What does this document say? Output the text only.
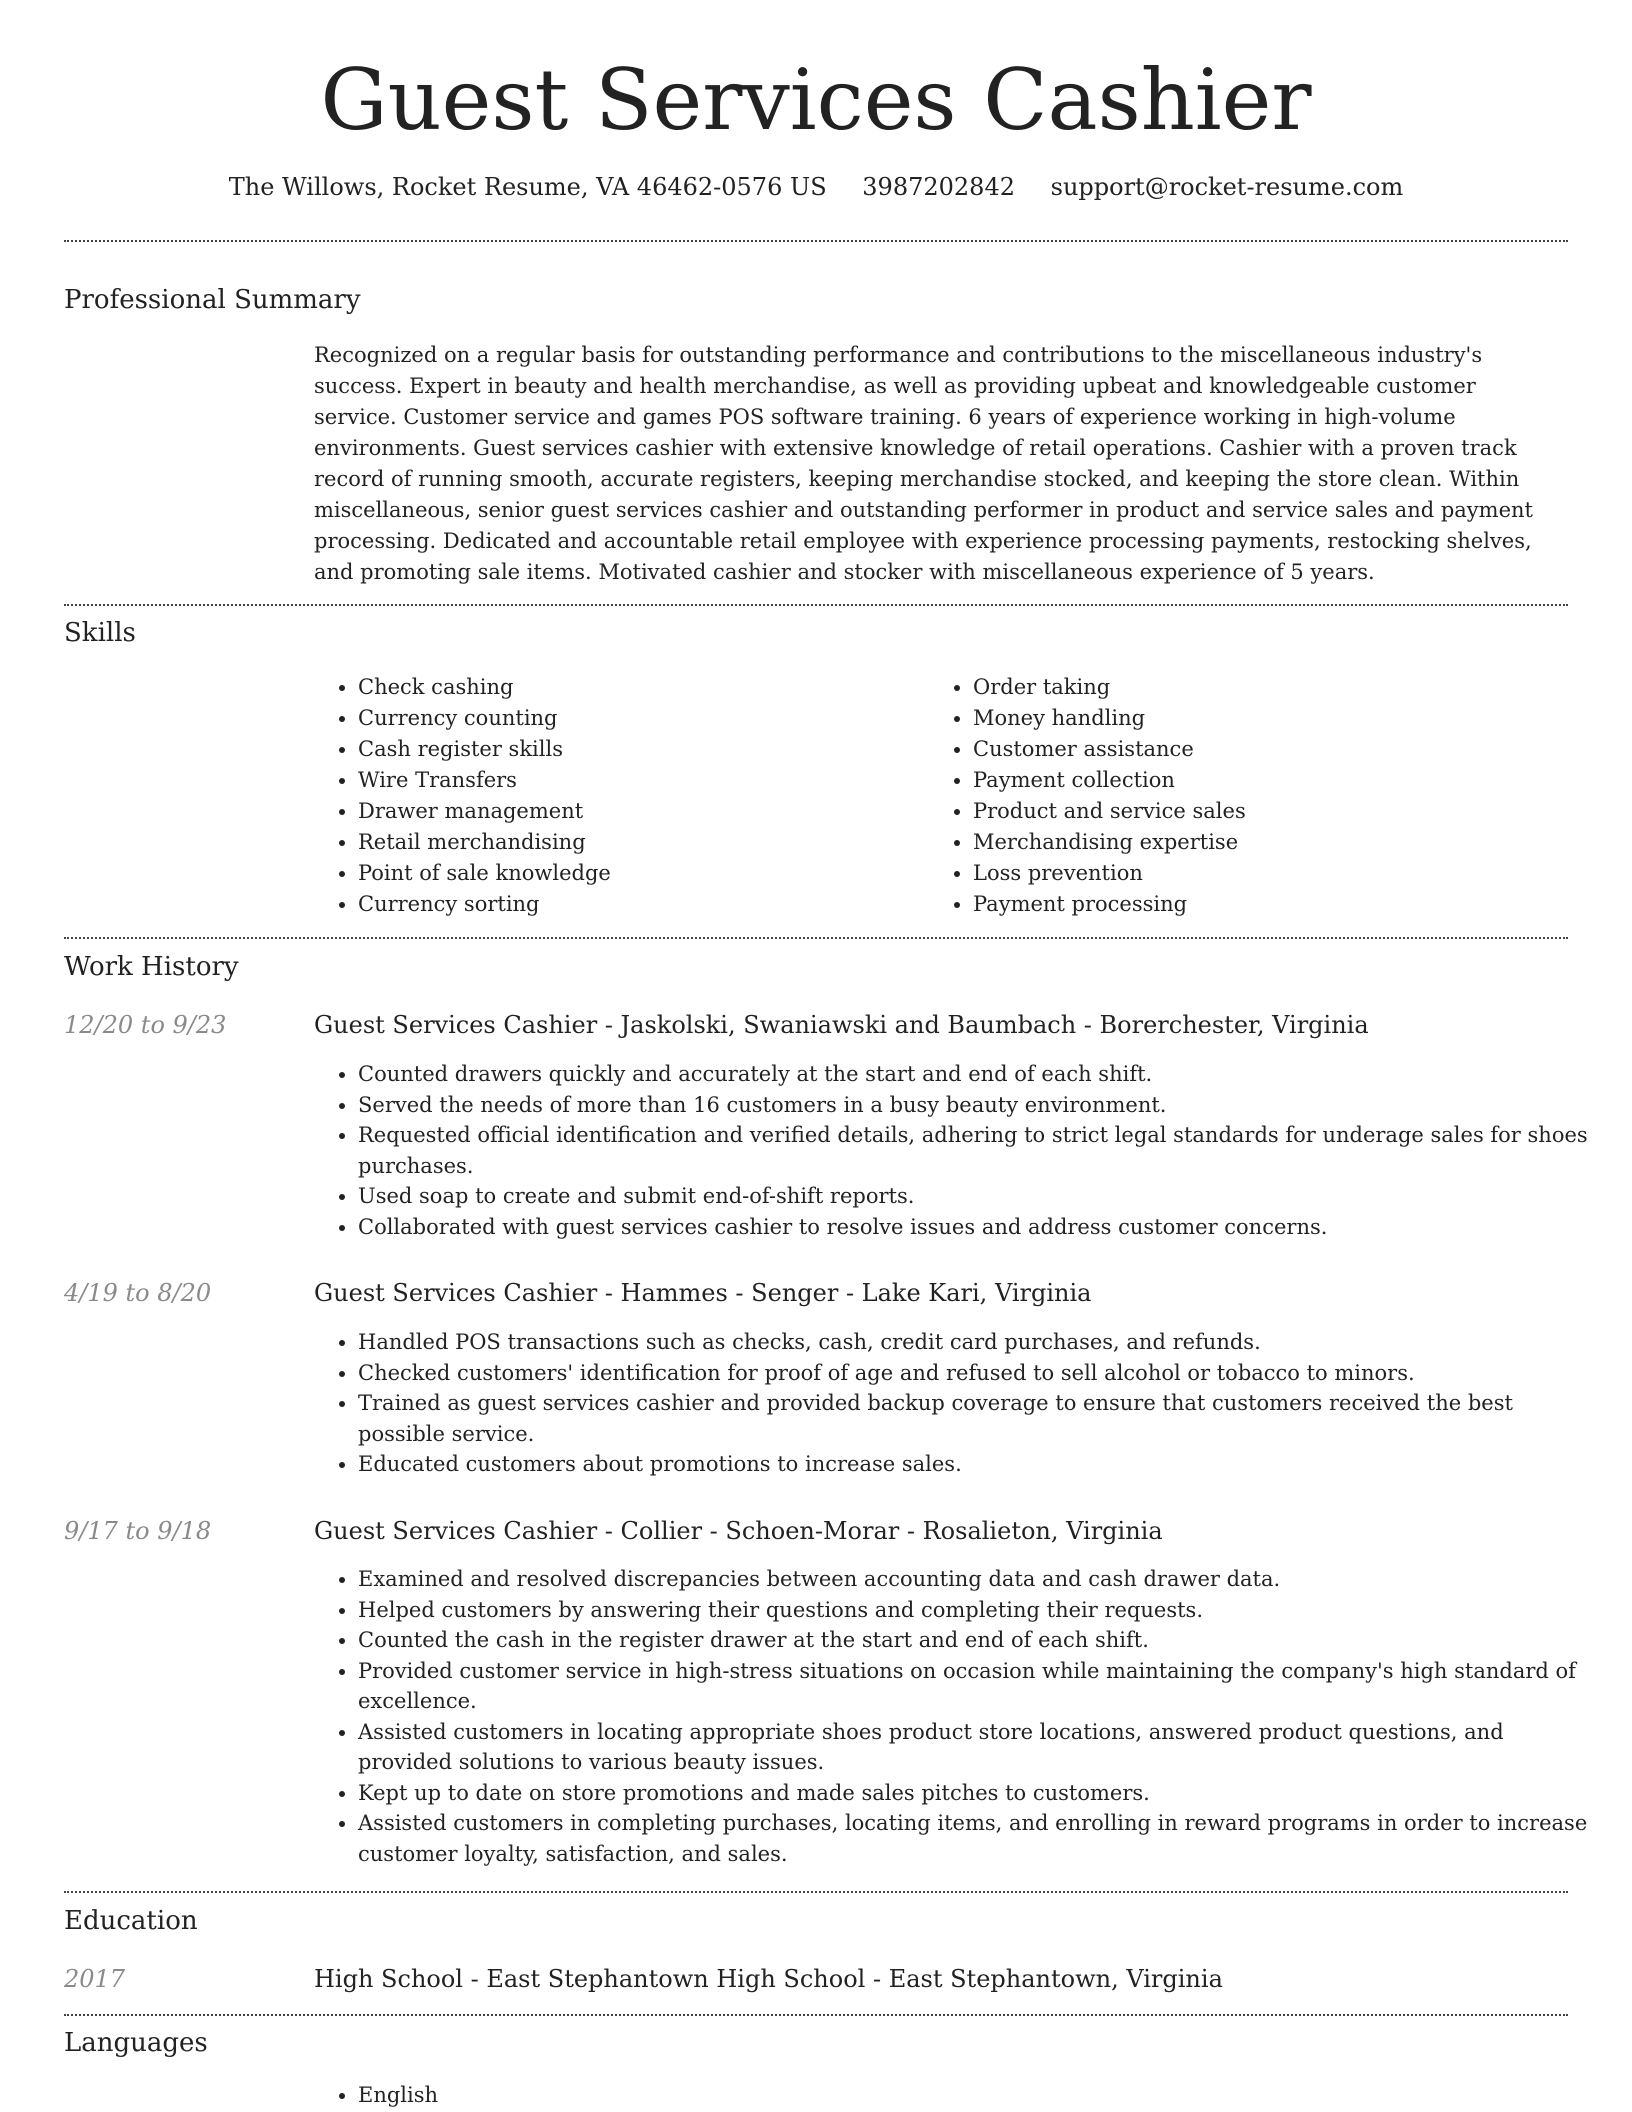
Guest Services Cashier
The Willows, Rocket Resume, VA 46462-0576 US 3987202842 support@rocket-resume.com
Professional Summary
Recognized on a regular basis for outstanding performance and contributions to the miscellaneous industry's success. Expert in beauty and health merchandise, as well as providing upbeat and knowledgeable customer service. Customer service and games POS software training. 6 years of experience working in high-volume environments. Guest services cashier with extensive knowledge of retail operations. Cashier with a proven track record of running smooth, accurate registers, keeping merchandise stocked, and keeping the store clean. Within miscellaneous, senior guest services cashier and outstanding performer in product and service sales and payment processing. Dedicated and accountable retail employee with experience processing payments, restocking shelves, and promoting sale items. Motivated cashier and stocker with miscellaneous experience of 5 years.
Skills
• Check cashing
• Currency counting
• Cash register skills
• Wire Transfers
• Drawer management
• Retail merchandising
• Point of sale knowledge
• Currency sorting
• Order taking
• Money handling
• Customer assistance
• Payment collection
• Product and service sales
• Merchandising expertise
• Loss prevention
• Payment processing
Work History
12/20 to 9/23	Guest Services Cashier - Jaskolski, Swaniawski and Baumbach - Borerchester, Virginia
• Counted drawers quickly and accurately at the start and end of each shift.
• Served the needs of more than 16 customers in a busy beauty environment.
• Requested official identification and verified details, adhering to strict legal standards for underage sales for shoes purchases.
• Used soap to create and submit end-of-shift reports.
• Collaborated with guest services cashier to resolve issues and address customer concerns.
4/19 to 8/20	Guest Services Cashier - Hammes - Senger - Lake Kari, Virginia
• Handled POS transactions such as checks, cash, credit card purchases, and refunds.
• Checked customers' identification for proof of age and refused to sell alcohol or tobacco to minors.
• Trained as guest services cashier and provided backup coverage to ensure that customers received the best possible service.
• Educated customers about promotions to increase sales.
9/17 to 9/18	Guest Services Cashier - Collier - Schoen-Morar - Rosalieton, Virginia
• Examined and resolved discrepancies between accounting data and cash drawer data.
• Helped customers by answering their questions and completing their requests.
• Counted the cash in the register drawer at the start and end of each shift.
• Provided customer service in high-stress situations on occasion while maintaining the company's high standard of excellence.
• Assisted customers in locating appropriate shoes product store locations, answered product questions, and provided solutions to various beauty issues.
• Kept up to date on store promotions and made sales pitches to customers.
• Assisted customers in completing purchases, locating items, and enrolling in reward programs in order to increase customer loyalty, satisfaction, and sales.
Education
2017	High School - East Stephantown High School - East Stephantown, Virginia
Languages
• English
